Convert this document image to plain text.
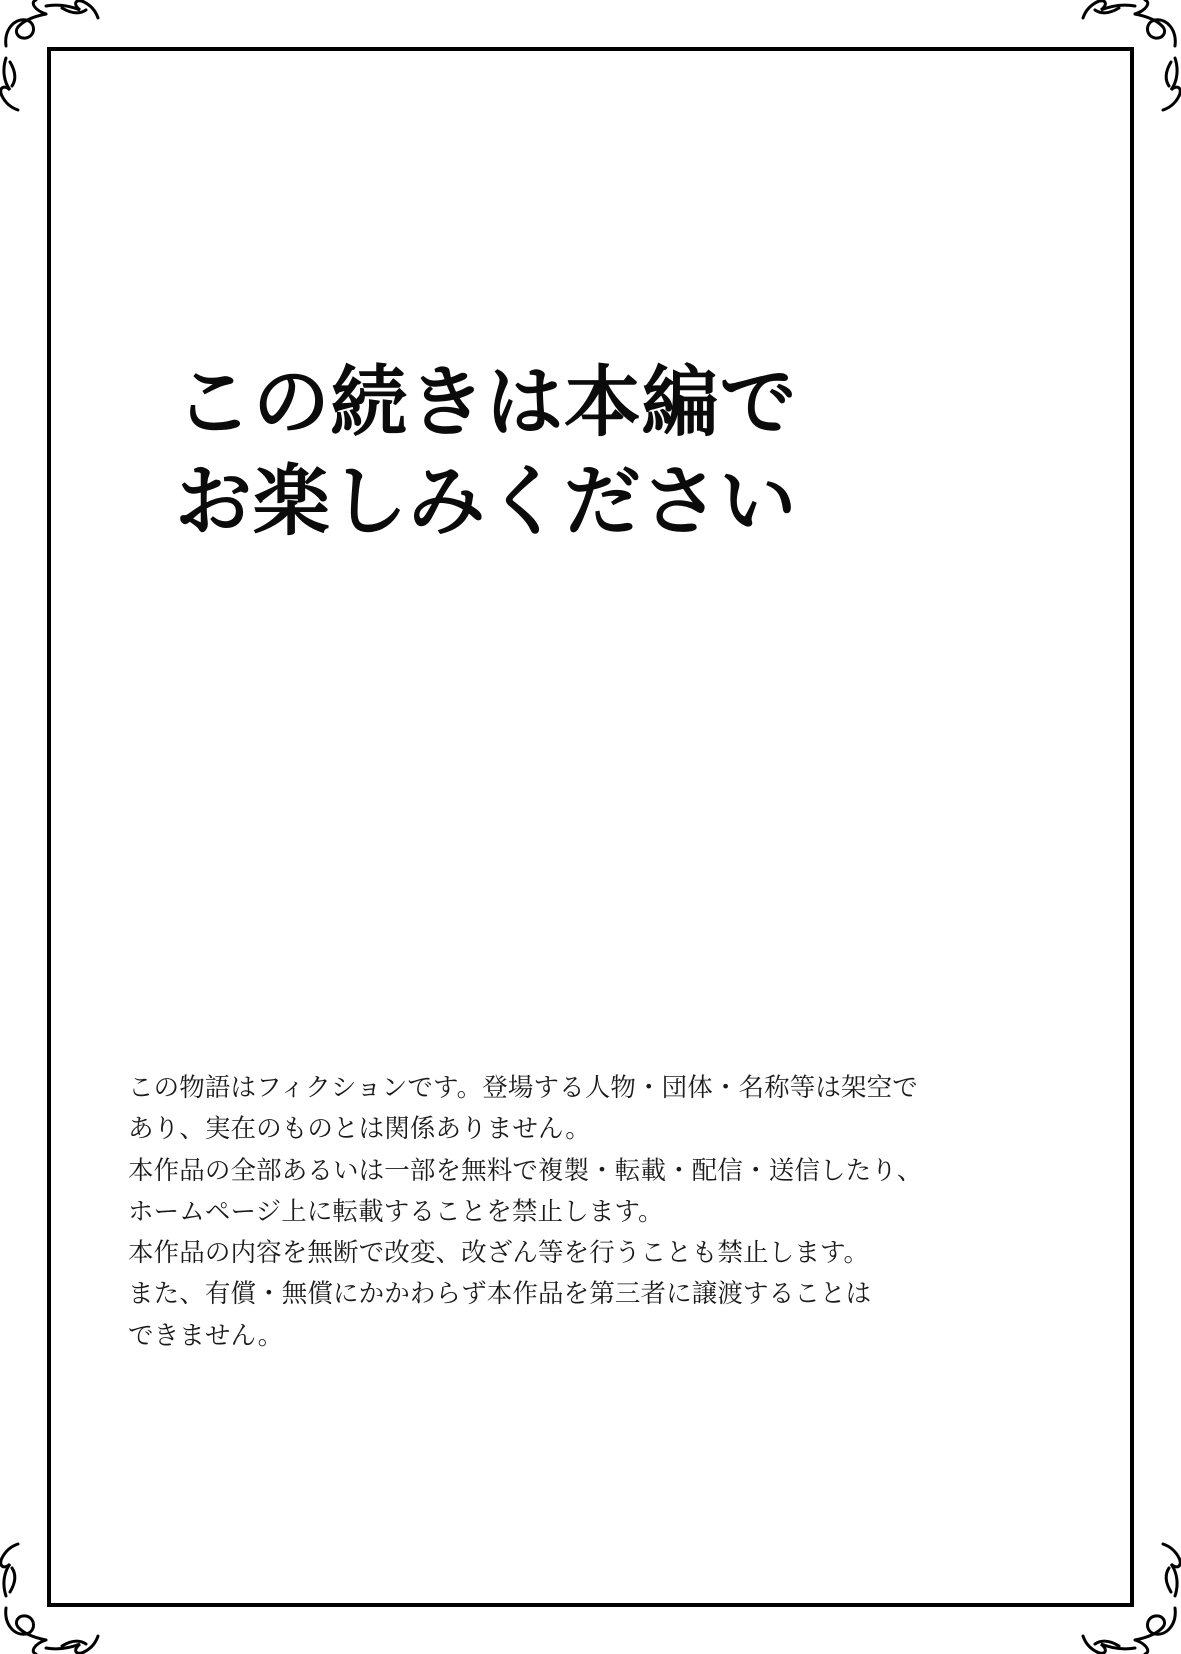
この続きは本編で
お楽しみください

この物語はフィクションです。登場する人物・団体・名称等は架空で

あり、実在のものとは関係ありません。

本作品の全部あるいは一部を無料で複製・転載・配信・送信したり、

ホームページ上に転載することを禁止します。

本作品の内容を無断で改変、改ざん等を行うことも禁止します。

また、有償・無償にかかわらず本作品を第三者に譲渡することは

できません。
